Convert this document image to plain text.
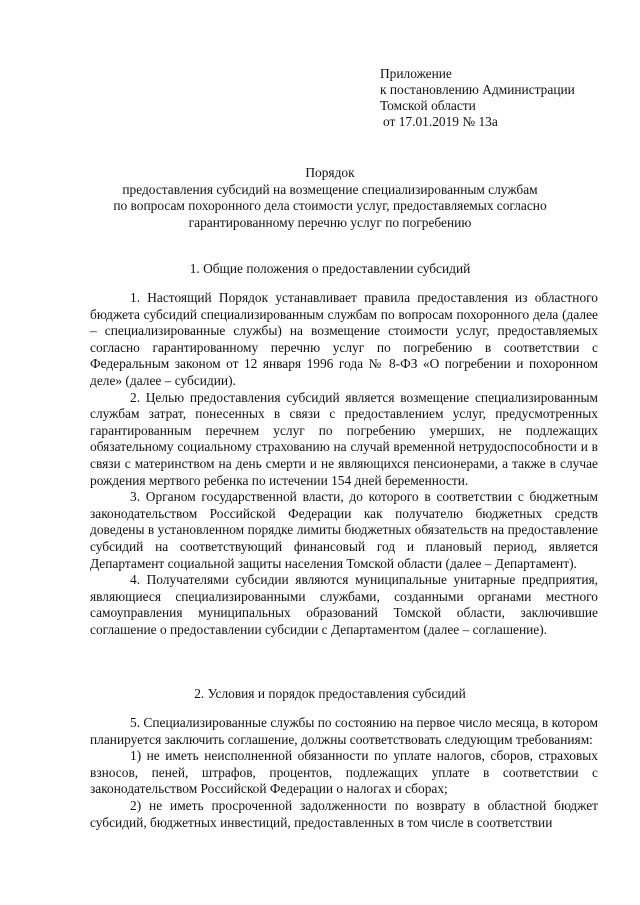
Приложение
к постановлению Администрации
Томской области
от 17.01.2019 № 13а
Порядок
предоставления субсидий на возмещение специализированным службам
по вопросам похоронного дела стоимости услуг, предоставляемых согласно
гарантированному перечню услуг по погребению
1. Общие положения о предоставлении субсидий

1. Настоящий Порядок устанавливает правила предоставления из областного бюджета субсидий специализированным службам по вопросам похоронного дела (далее – специализированные службы) на возмещение стоимости услуг, предоставляемых согласно гарантированному перечню услуг по погребению в соответствии с Федеральным законом от 12 января 1996 года № 8-ФЗ «О погребении и похоронном деле» (далее – субсидии).

2. Целью предоставления субсидий является возмещение специализированным службам затрат, понесенных в связи с предоставлением услуг, предусмотренных гарантированным перечнем услуг по погребению умерших, не подлежащих обязательному социальному страхованию на случай временной нетрудоспособности и в связи с материнством на день смерти и не являющихся пенсионерами, а также в случае рождения мертвого ребенка по истечении 154 дней беременности.

3. Органом государственной власти, до которого в соответствии с бюджетным законодательством Российской Федерации как получателю бюджетных средств доведены в установленном порядке лимиты бюджетных обязательств на предоставление субсидий на соответствующий финансовый год и плановый период, является Департамент социальной защиты населения Томской области (далее – Департамент).

4. Получателями субсидии являются муниципальные унитарные предприятия, являющиеся специализированными службами, созданными органами местного самоуправления муниципальных образований Томской области, заключившие соглашение о предоставлении субсидии с Департаментом (далее – соглашение).

2. Условия и порядок предоставления субсидий

5. Специализированные службы по состоянию на первое число месяца, в котором планируется заключить соглашение, должны соответствовать следующим требованиям:

1) не иметь неисполненной обязанности по уплате налогов, сборов, страховых взносов, пеней, штрафов, процентов, подлежащих уплате в соответствии с законодательством Российской Федерации о налогах и сборах;

2) не иметь просроченной задолженности по возврату в областной бюджет субсидий, бюджетных инвестиций, предоставленных в том числе в соответствии
